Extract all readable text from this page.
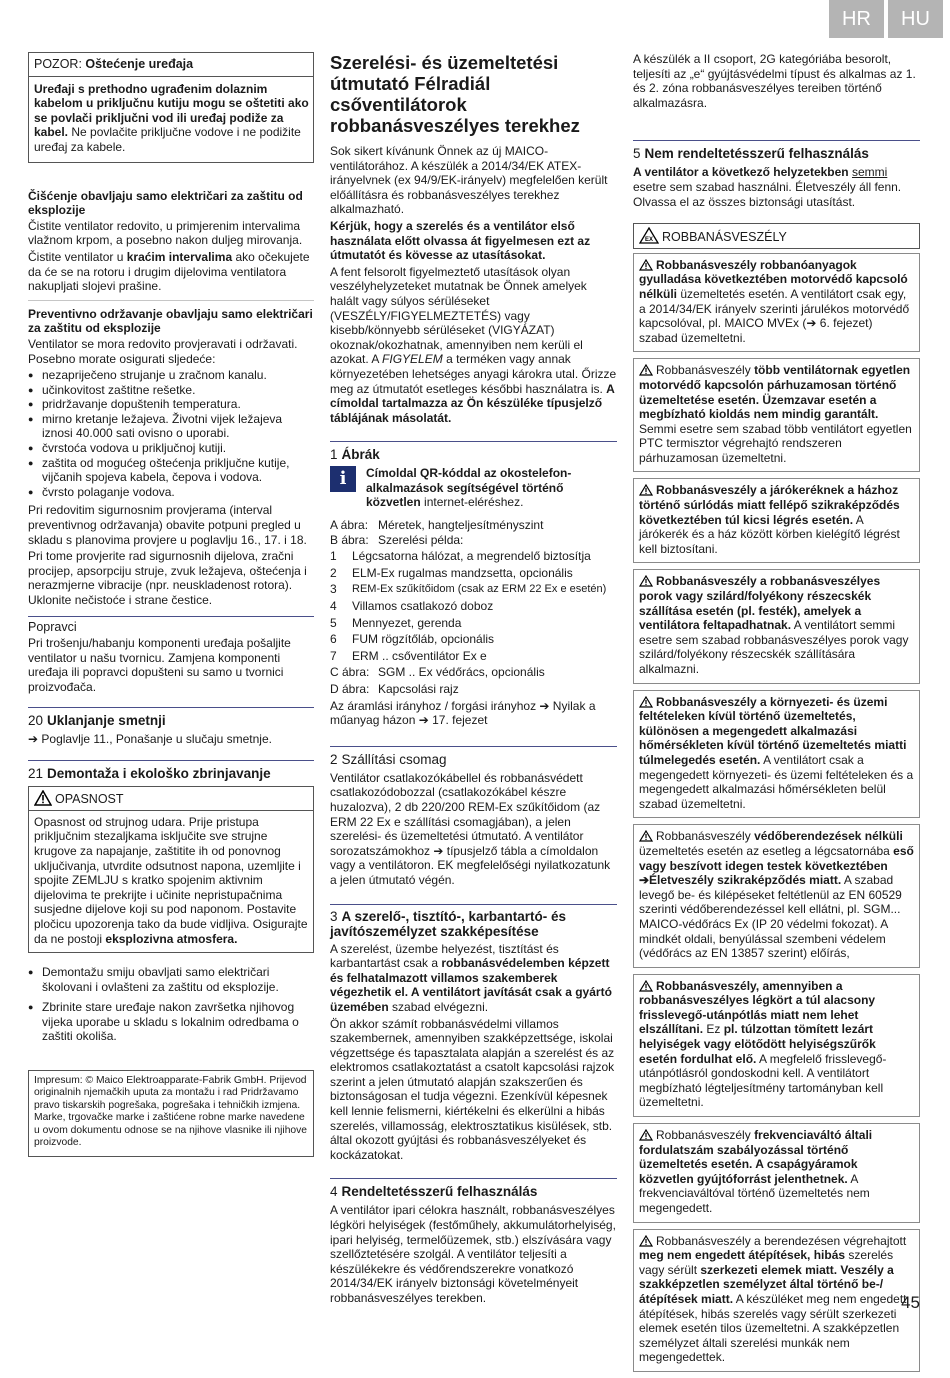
HR	HU
POZOR: Oštećenje uređaja

Uređaji s prethodno ugrađenim dolaznim kabelom u priključnu kutiju mogu se oštetiti ako se povlači priključni vod ili uređaj podiže za kabel. Ne povlačite priključne vodove i ne podižite uređaj za kabele.

Čišćenje obavljaju samo električari za zaštitu od eksplozije

Čistite ventilator redovito, u primjerenim intervalima vlažnom krpom, a posebno nakon duljeg mirovanja.

Čistite ventilator u kraćim intervalima ako očekujete da će se na rotoru i drugim dijelovima ventilatora nakupljati slojevi prašine.

Preventivno održavanje obavljaju samo električari za zaštitu od eksplozije

Ventilator se mora redovito provjeravati i održavati. Posebno morate osigurati sljedeće:

● nezapriječeno strujanje u zračnom kanalu.
● učinkovitost zaštitne rešetke.
● pridržavanje dopuštenih temperatura.
● mirno kretanje ležajeva. Životni vijek ležajeva iznosi 40.000 sati ovisno o uporabi.
● čvrstoća vodova u priključnoj kutiji.
● zaštita od mogućeg oštećenja priključne kutije, vijčanih spojeva kabela, čepova i vodova.
● čvrsto polaganje vodova.

Pri redovitim sigurnosnim provjerama (interval preventivnog održavanja) obavite potpuni pregled u skladu s planovima provjere u poglavlju 16., 17. i 18.

Pri tome provjerite rad sigurnosnih dijelova, zračni procijep, apsorpciju struje, zvuk ležajeva, oštećenja i nerazmjerne vibracije (npr. neuskladenost rotora). Uklonite nečistoće i strane čestice.

Popravci

Pri trošenju/habanju komponenti uređaja pošaljite ventilator u našu tvornicu. Zamjena komponenti uređaja ili popravci dopušteni su samo u tvornici proizvođača.

20 Uklanjanje smetnji

➔ Poglavlje 11., Ponašanje u slučaju smetnje.

21 Demontaža i ekološko zbrinjavanje

OPASNOST

Opasnost od strujnog udara. Prije pristupa priključnim stezaljkama isključite sve strujne krugove za napajanje, zaštitite ih od ponovnog uključivanja, utvrdite odsutnost napona, uzemljite i spojite ZEMLJU s kratko spojenim aktivnim dijelovima te prekrijte i učinite nepristupačnima susjedne dijelove koji su pod naponom. Postavite pločicu upozorenja tako da bude vidljiva. Osigurajte da ne postoji eksplozivna atmosfera.

● Demontažu smiju obavljati samo električari školovani i ovlašteni za zaštitu od eksplozije.
● Zbrinite stare uređaje nakon završetka njihovog vijeka uporabe u skladu s lokalnim odredbama o zaštiti okoliša.

Impresum: © Maico Elektroapparate-Fabrik GmbH. Prijevod originalnih njemačkih uputa za montažu i rad Pridržavamo pravo tiskarskih pogrešaka, pogrešaka i tehničkih izmjena. Marke, trgovačke marke i zaštićene robne marke navedene u ovom dokumentu odnose se na njihove vlasnike ili njihove proizvode.

Szerelési- és üzemeltetési útmutató Félradiál csőventilátorok robbanásveszélyes terekhez

Sok sikert kívánunk Önnek az új MAICO-ventilátorához. A készülék a 2014/34/EK ATEX-irányelvnek (ex 94/9/EK-irányelv) megfelelően került előállításra és robbanásveszélyes terekhez alkalmazható.

Kérjük, hogy a szerelés és a ventilátor első használata előtt olvassa át figyelmesen ezt az útmutatót és kövesse az utasításokat.

A fent felsorolt figyelmeztető utasítások olyan veszélyhelyzeteket mutatnak be Önnek amelyek halált vagy súlyos sérüléseket (VESZÉLY/FIGYELMEZTETÉS) vagy kisebb/könnyebb sérüléseket (VIGYÁZAT) okoznak/okozhatnak, amennyiben nem kerüli el azokat. A FIGYELEM a terméken vagy annak környezetében lehetséges anyagi károkra utal. Őrizze meg az útmutatót esetleges későbbi használatra is. A címoldal tartalmazza az Ön készüléke típusjelző táblájának másolatát.

1 Ábrák

i	Címoldal QR-kóddal az okostelefon-alkalmazások segítségével történő közvetlen internet-eléréshez.

A ábra: Méretek, hangteljesítményszint
B ábra: Szerelési példa:
1	Légcsatorna hálózat, a megrendelő biztosítja
2	ELM-Ex rugalmas mandzsetta, opcionális
3	REM-Ex szűkítőidom (csak az ERM 22 Ex e esetén)
4	Villamos csatlakozó doboz
5	Mennyezet, gerenda
6	FUM rögzítőláb, opcionális
7	ERM .. csőventilátor Ex e
C ábra: SGM .. Ex védőrács, opcionális
D ábra: Kapcsolási rajz

Az áramlási irányhoz / forgási irányhoz ➔ Nyilak a műanyag házon ➔ 17. fejezet

2 Szállítási csomag

Ventilátor csatlakozókábellel és robbanásvédett csatlakozódobozzal (csatlakozókábel készre huzalozva), 2 db 220/200 REM-Ex szűkítőidom (az ERM 22 Ex e szállítási csomagjában), a jelen szerelési- és üzemeltetési útmutató. A ventilátor sorozatszámokhoz ➔ típusjelző tábla a címoldalon vagy a ventilátoron. EK megfelelőségi nyilatkozatunk a jelen útmutató végén.

3 A szerelő-, tisztító-, karbantartó- és javítószemélyzet szakképesítése

A szerelést, üzembe helyezést, tisztítást és karbantartást csak a robbanásvédelemben képzett és felhatalmazott villamos szakemberek végezhetik el. A ventilátort javítását csak a gyártó üzemében szabad elvégezni.

Ön akkor számít robbanásvédelmi villamos szakembernek, amennyiben szakképzettsége, iskolai végzettsége és tapasztalata alapján a szerelést és az elektromos csatlakoztatást a csatolt kapcsolási rajzok szerint a jelen útmutató alapján szakszerűen és biztonságosan el tudja végezni. Ezenkívül képesnek kell lennie felismerni, kiértékelni és elkerülni a hibás szerelés, villamosság, elektrosztatikus kisülések, stb. által okozott gyújtási és robbanásveszélyeket és kockázatokat.

4 Rendeltetésszerű felhasználás

A ventilátor ipari célokra használt, robbanásveszélyes légköri helyiségek (festőműhely, akkumulátorhelyiség, ipari helyiség, termelőüzemek, stb.) elszívására vagy szellőztetésére szolgál. A ventilátor teljesíti a készülékekre és védőrendszerekre vonatkozó 2014/34/EK irányelv biztonsági követelményeit robbanásveszélyes terekben.

A készülék a II csoport, 2G kategóriába besorolt, teljesíti az „e“ gyújtásvédelmi típust és alkalmas az 1. és 2. zóna robbanásveszélyes tereiben történő alkalmazásra.

5 Nem rendeltetésszerű felhasználás

A ventilátor a következő helyzetekben semmi esetre sem szabad használni. Életveszély áll fenn. Olvassa el az összes biztonsági utasítást.

EX ROBBANÁSVESZÉLY

Robbanásveszély robbanóanyagok gyulladása következtében motorvédő kapcsoló nélküli üzemeltetés esetén. A ventilátort csak egy, a 2014/34/EK irányelv szerinti járulékos motorvédő kapcsolóval, pl. MAICO MVEx (➔ 6. fejezet) szabad üzemeltetni.

Robbanásveszély több ventilátornak egyetlen motorvédő kapcsolón párhuzamosan történő üzemeltetése esetén. Üzemzavar esetén a megbízható kioldás nem mindig garantált. Semmi esetre sem szabad több ventilátort egyetlen PTC termisztor végrehajtó rendszeren párhuzamosan üzemeltetni.

Robbanásveszély a járókeréknek a házhoz történő súrlódás miatt fellépő szikraképződés következtében túl kicsi légrés esetén. A járókerék és a ház között körben kielégítő légrést kell biztosítani.

Robbanásveszély a robbanásveszélyes porok vagy szilárd/folyékony részecskék szállítása esetén (pl. festék), amelyek a ventilátora feltapadhatnak. A ventilátort semmi esetre sem szabad robbanásveszélyes porok vagy szilárd/folyékony részecskék szállítására alkalmazni.

Robbanásveszély a környezeti- és üzemi feltételeken kívül történő üzemeltetés, különösen a megengedett alkalmazási hőmérsékleten kívül történő üzemeltetés miatti túlmelegedés esetén. A ventilátort csak a megengedett környezeti- és üzemi feltételeken és a megengedett alkalmazási hőmérsékleten belül szabad üzemeltetni.

Robbanásveszély védőberendezések nélküli üzemeltetés esetén az esetleg a légcsatornába eső vagy beszívott idegen testek következtében ➔Életveszély szikraképződés miatt. A szabad levegő be- és kilépéseket feltétlenül az EN 60529 szerinti védőberendezéssel kell ellátni, pl. SGM... MAICO-védőrács Ex (IP 20 védelmi fokozat). A mindkét oldali, benyúlással szembeni védelem (védőrács az EN 13857 szerint) előírás,

Robbanásveszély, amennyiben a robbanásveszélyes légkört a túl alacsony frisslevegő-utánpótlás miatt nem lehet elszállítani. Ez pl. túlzottan tömített lezárt helyiségek vagy elötődött helyiségszűrők esetén fordulhat elő. A megfelelő frisslevegő-utánpótlásról gondoskodni kell. A ventilátort megbízható légteljesítmény tartományban kell üzemeltetni.

Robbanásveszély frekvenciaváltó általi fordulatszám szabályozással történő üzemeltetés esetén. A csapágyáramok közvetlen gyújtóforrást jelenthetnek. A frekvenciaváltóval történő üzemeltetés nem megengedett.

Robbanásveszély a berendezésen végrehajtott meg nem engedett átépítések, hibás szerelés vagy sérült szerkezeti elemek miatt. Veszély a szakképzetlen személyzet által történő be-/átépítések miatt. A készüléket meg nem engedett átépítések, hibás szerelés vagy sérült szerkezeti elemek esetén tilos üzemeltetni. A szakképzetlen személyzet általi szerelési munkák nem megengedettek.

45
